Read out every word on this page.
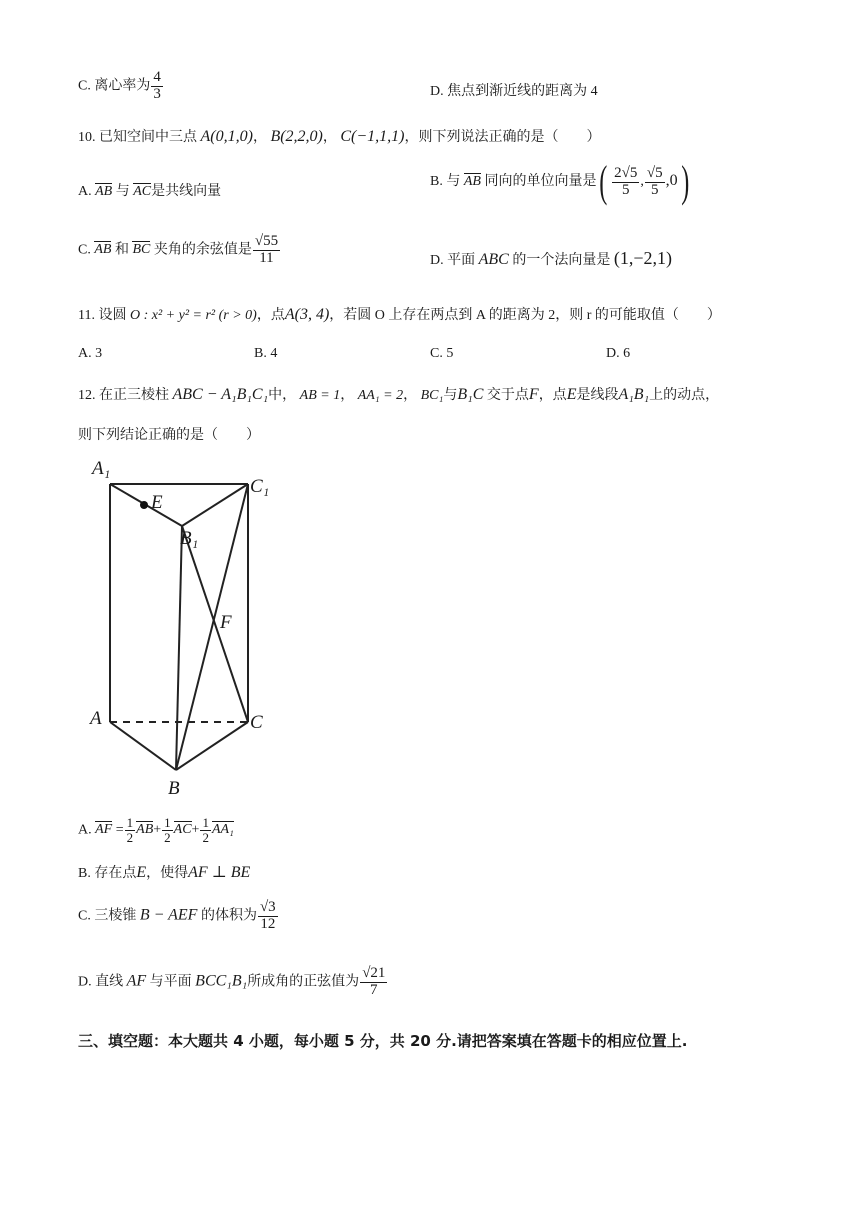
C. 离心率为 $\frac{4}{3}$	D. 焦点到渐近线的距离为 4
10. 已知空间中三点 A(0,1,0)， B(2,2,0)， C(−1,1,1)，则下列说法正确的是（　　）
A. AB 与 AC是共线向量
B. 与 AB 同向的单位向量是( $\frac{2√5}{5}$ , $\frac{√5}{5} ,0$)
C. AB 和 BC 夹角的余弦值是 $\frac{√55}{11}$	D. 平面 ABC 的一个法向量是 (1,−2,1)
11. 设圆 O : x² + y² = r² (r > 0)，点A(3, 4)，若圆 O 上存在两点到 A 的距离为 2，则 r 的可能取值（　　）
A. 3	B. 4	C. 5	D. 6
12. 在正三棱柱 ABC − A₁B₁C₁中， AB = 1， AA₁ = 2， BC₁与B₁C 交于点F，点E是线段A₁B₁上的动点，
则下列结论正确的是（　　）
A₁
C₁
E
B₁
F
A	C
B
A. AF = $\frac{1}{2} AB+ \frac{1}{2} AC+ \frac{1}{2} AA_1$
B. 存在点E，使得AF ⊥ BE
C. 三棱锥 B − AEF 的体积为 $\frac{√3}{12}$
D. 直线 AF 与平面 BCC₁B₁所成角的正弦值为 $\frac{√21}{7}$
三、填空题：本大题共 4 小题，每小题 5 分，共 20 分.请把答案填在答题卡的相应位置上.
